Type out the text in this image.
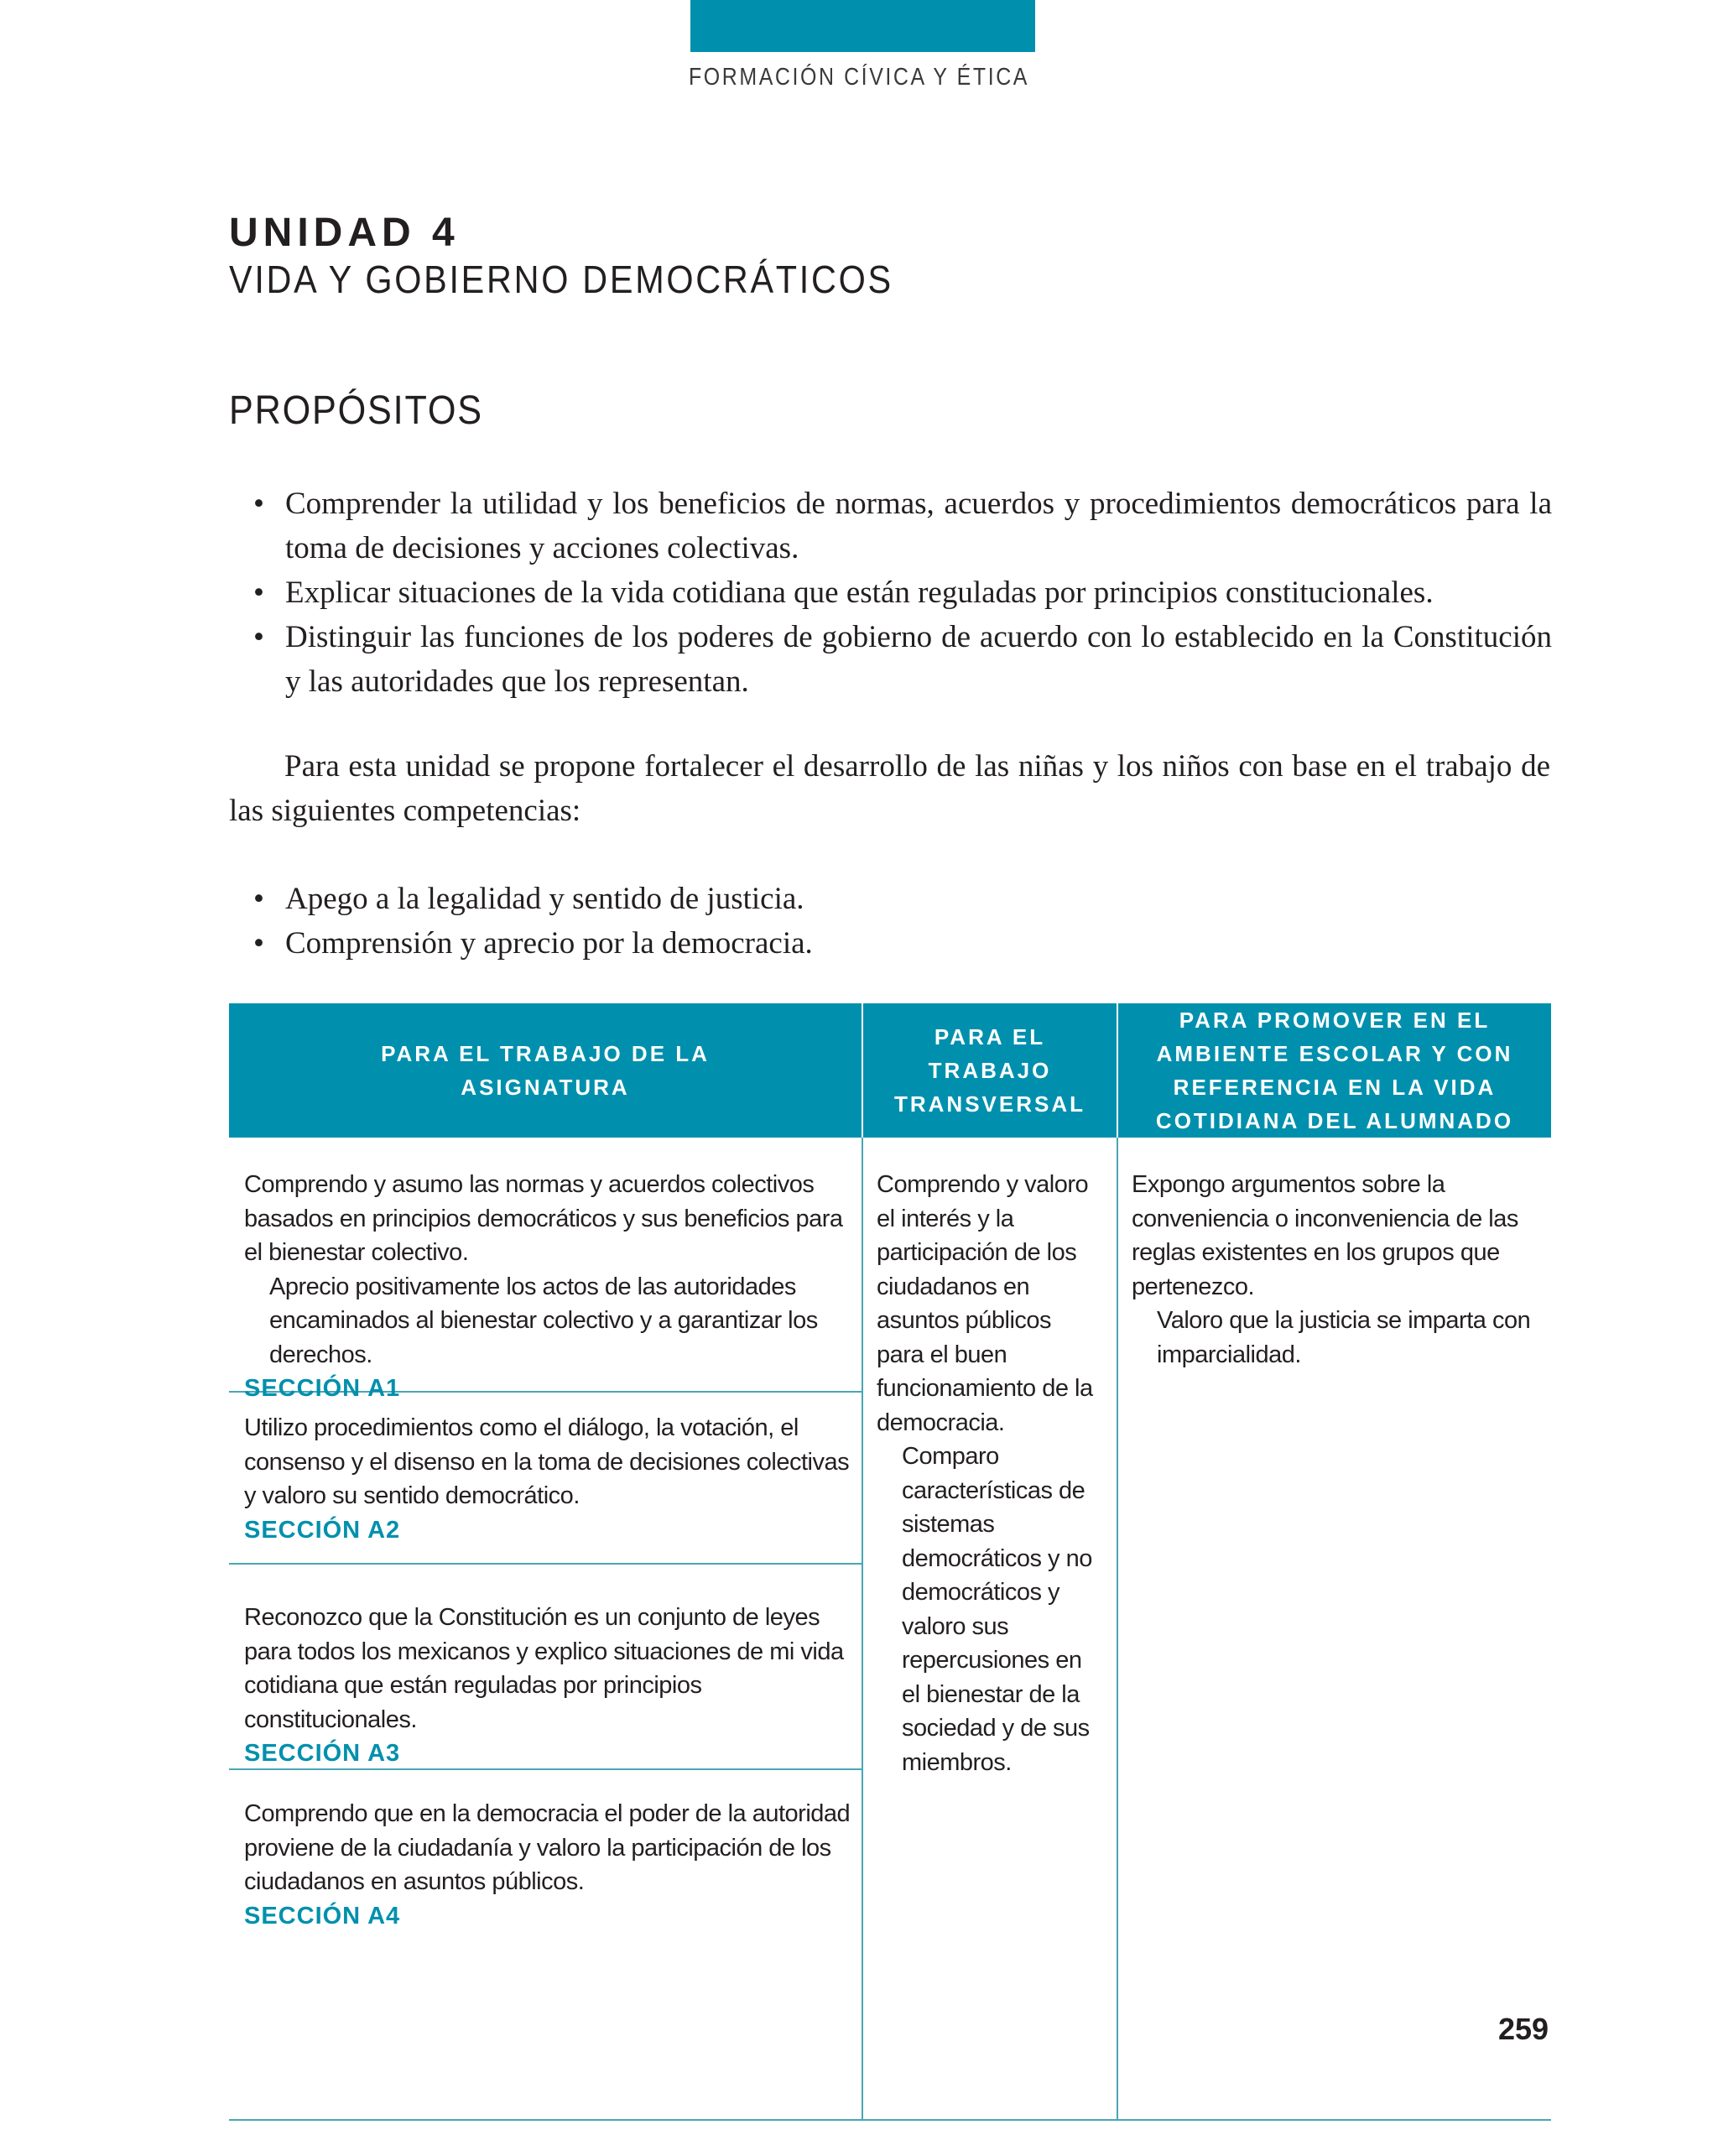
FORMACIÓN CÍVICA Y ÉTICA
UNIDAD 4
VIDA Y GOBIERNO DEMOCRÁTICOS
PROPÓSITOS
• Comprender la utilidad y los beneficios de normas, acuerdos y procedimientos democráticos para la toma de decisiones y acciones colectivas.
• Explicar situaciones de la vida cotidiana que están reguladas por principios constitucionales.
• Distinguir las funciones de los poderes de gobierno de acuerdo con lo establecido en la Constitución y las autoridades que los representan.

Para esta unidad se propone fortalecer el desarrollo de las niñas y los niños con base en el trabajo de las siguientes competencias:

• Apego a la legalidad y sentido de justicia.
• Comprensión y aprecio por la democracia.
PARA EL TRABAJO DE LA ASIGNATURA
PARA EL TRABAJO TRANSVERSAL
PARA PROMOVER EN EL AMBIENTE ESCOLAR Y CON REFERENCIA EN LA VIDA COTIDIANA DEL ALUMNADO
Comprendo y asumo las normas y acuerdos colectivos basados en principios democráticos y sus beneficios para el bienestar colectivo.
Aprecio positivamente los actos de las autoridades encaminados al bienestar colectivo y a garantizar los derechos.
SECCIÓN A1
Utilizo procedimientos como el diálogo, la votación, el consenso y el disenso en la toma de decisiones colectivas y valoro su sentido democrático.
SECCIÓN A2
Reconozco que la Constitución es un conjunto de leyes para todos los mexicanos y explico situaciones de mi vida cotidiana que están reguladas por principios constitucionales.
SECCIÓN A3
Comprendo que en la democracia el poder de la autoridad proviene de la ciudadanía y valoro la participación de los ciudadanos en asuntos públicos.
SECCIÓN A4
Comprendo y valoro el interés y la participación de los ciudadanos en asuntos públicos para el buen funcionamiento de la democracia.
Comparo características de sistemas democráticos y no democráticos y valoro sus repercusiones en el bienestar de la sociedad y de sus miembros.
Expongo argumentos sobre la conveniencia o inconveniencia de las reglas existentes en los grupos que pertenezco.
Valoro que la justicia se imparta con imparcialidad.
259
